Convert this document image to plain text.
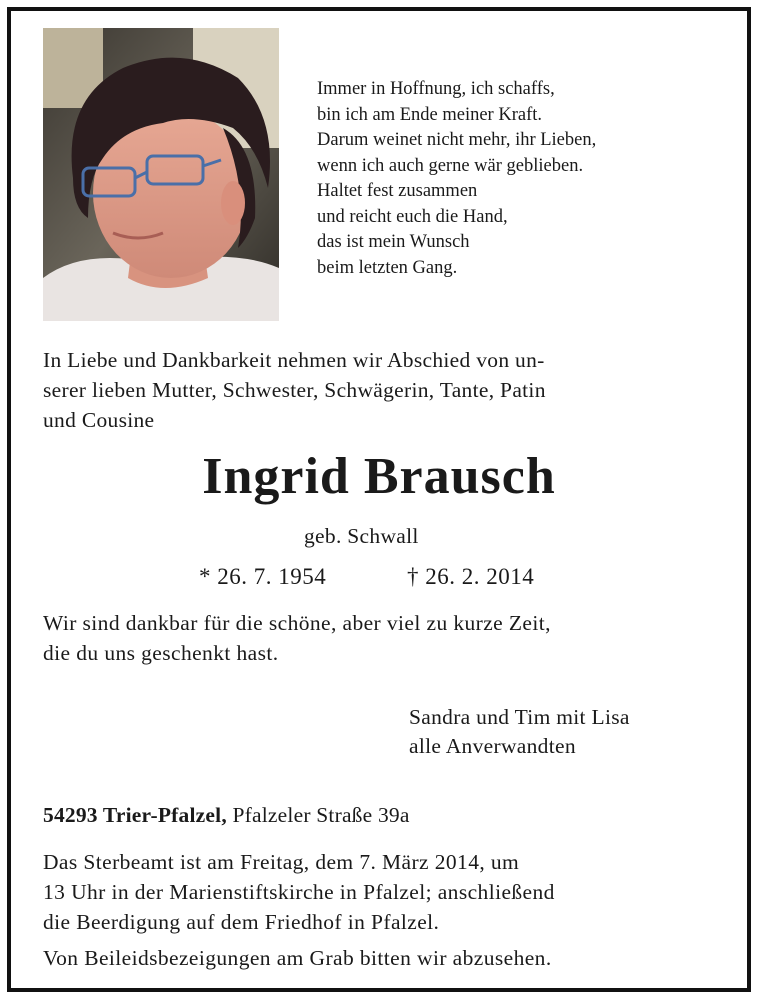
Immer in Hoffnung, ich schaffs,
bin ich am Ende meiner Kraft.
Darum weinet nicht mehr, ihr Lieben,
wenn ich auch gerne wär geblieben.
Haltet fest zusammen
und reicht euch die Hand,
das ist mein Wunsch
beim letzten Gang.
In Liebe und Dankbarkeit nehmen wir Abschied von un-
serer lieben Mutter, Schwester, Schwägerin, Tante, Patin
und Cousine
Ingrid Brausch
geb. Schwall
* 26. 7. 1954	† 26. 2. 2014
Wir sind dankbar für die schöne, aber viel zu kurze Zeit,
die du uns geschenkt hast.
Sandra und Tim mit Lisa
alle Anverwandten
54293 Trier-Pfalzel, Pfalzeler Straße 39a
Das Sterbeamt ist am Freitag, dem 7. März 2014, um
13 Uhr in der Marienstiftskirche in Pfalzel; anschließend
die Beerdigung auf dem Friedhof in Pfalzel.
Von Beileidsbezeigungen am Grab bitten wir abzusehen.
